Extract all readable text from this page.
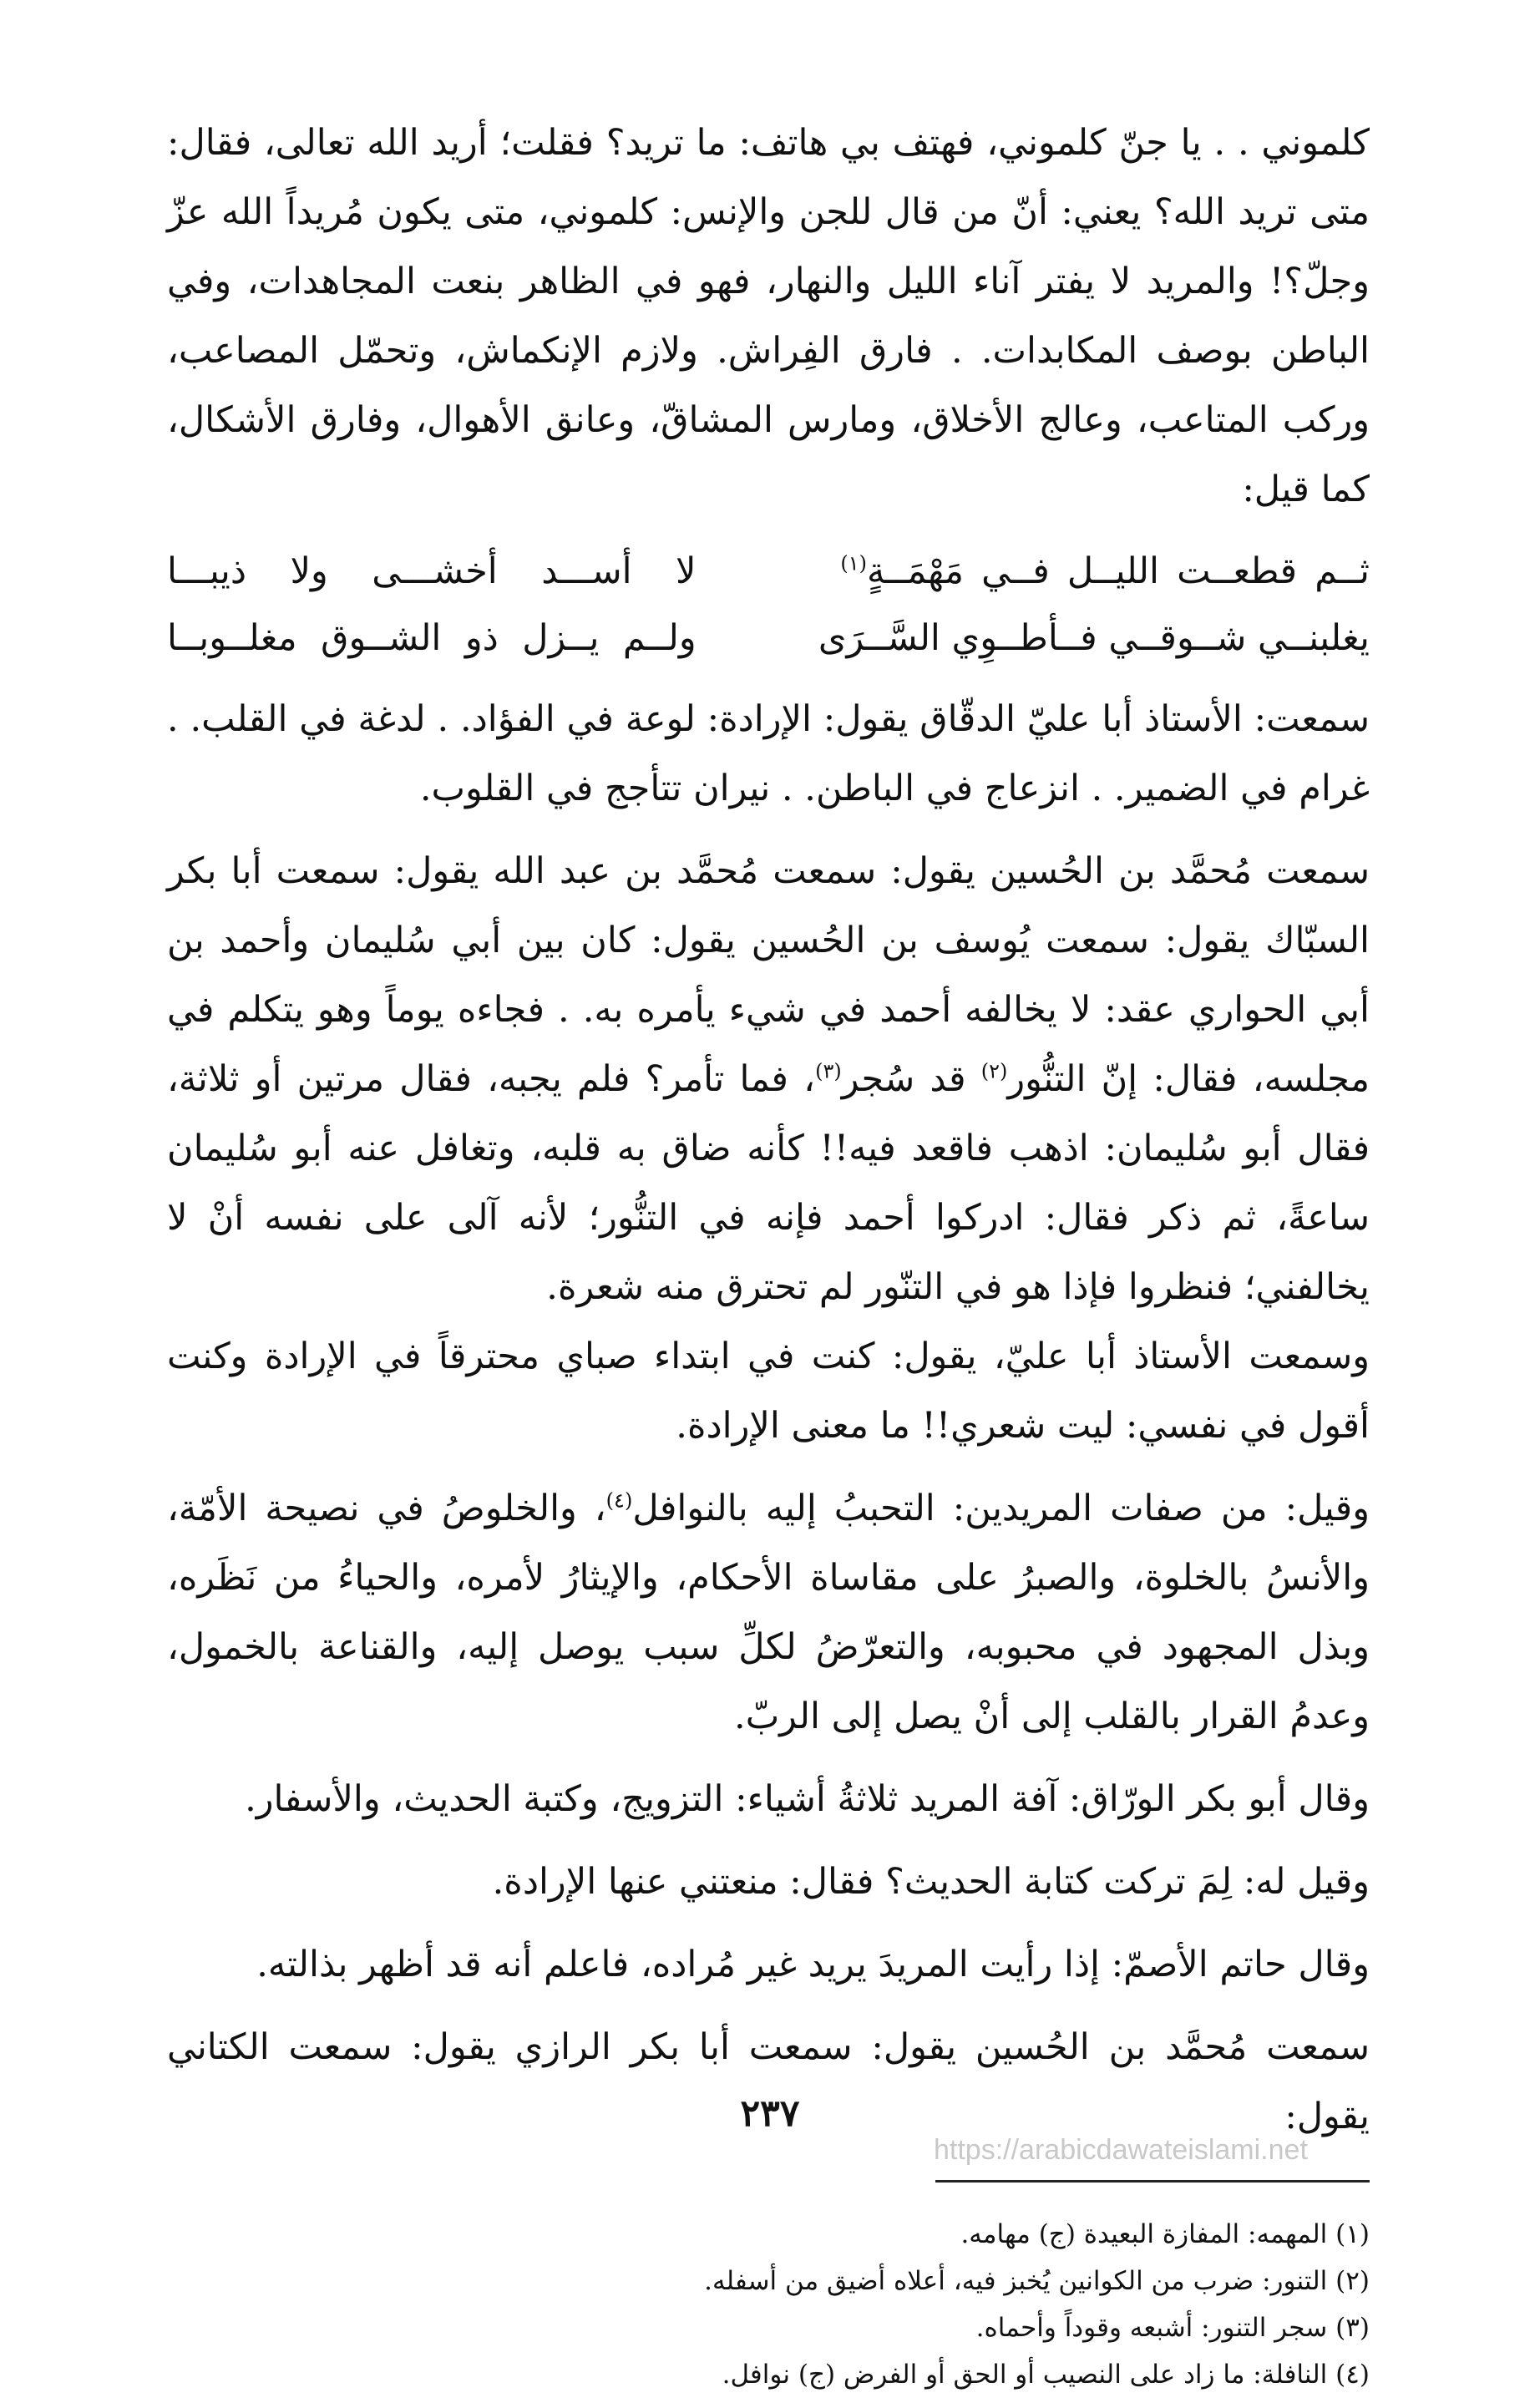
كلموني . . يا جنّ كلموني، فهتف بي هاتف: ما تريد؟ فقلت؛ أريد الله تعالى، فقال: متى تريد الله؟ يعني: أنّ من قال للجن والإنس: كلموني، متى يكون مُريداً الله عزّ وجلّ؟! والمريد لا يفتر آناء الليل والنهار، فهو في الظاهر بنعت المجاهدات، وفي الباطن بوصف المكابدات. . فارق الفِراش. ولازم الإنكماش، وتحمّل المصاعب، وركب المتاعب، وعالج الأخلاق، ومارس المشاقّ، وعانق الأهوال، وفارق الأشكال، كما قيل:

ثــم قطعــت الليــل فــي مَهْمَــةٍ$^{(١)}$
لا أســـد أخشـــى ولا ذيبـــا
يغلبنــي شــوقــي فــأطــوِي السَّــرَى
ولــم يــزل ذو الشــوق مغلــوبــا

سمعت: الأستاذ أبا عليّ الدقّاق يقول: الإرادة: لوعة في الفؤاد. . لدغة في القلب. . غرام في الضمير. . انزعاج في الباطن. . نيران تتأجج في القلوب.

سمعت مُحمَّد بن الحُسين يقول: سمعت مُحمَّد بن عبد الله يقول: سمعت أبا بكر السبّاك يقول: سمعت يُوسف بن الحُسين يقول: كان بين أبي سُليمان وأحمد بن أبي الحواري عقد: لا يخالفه أحمد في شيء يأمره به. . فجاءه يوماً وهو يتكلم في مجلسه، فقال: إنّ التنُّور$^{(٢)}$ قد سُجر$^{(٣)}$، فما تأمر؟ فلم يجبه، فقال مرتين أو ثلاثة، فقال أبو سُليمان: اذهب فاقعد فيه!! كأنه ضاق به قلبه، وتغافل عنه أبو سُليمان ساعةً، ثم ذكر فقال: ادركوا أحمد فإنه في التنُّور؛ لأنه آلى على نفسه أنْ لا يخالفني؛ فنظروا فإذا هو في التنّور لم تحترق منه شعرة.

وسمعت الأستاذ أبا عليّ، يقول: كنت في ابتداء صباي محترقاً في الإرادة وكنت أقول في نفسي: ليت شعري!! ما معنى الإرادة.

وقيل: من صفات المريدين: التحببُ إليه بالنوافل$^{(٤)}$، والخلوصُ في نصيحة الأمّة، والأنسُ بالخلوة، والصبرُ على مقاساة الأحكام، والإيثارُ لأمره، والحياءُ من نَظَره، وبذل المجهود في محبوبه، والتعرّضُ لكلِّ سبب يوصل إليه، والقناعة بالخمول، وعدمُ القرار بالقلب إلى أنْ يصل إلى الربّ.

وقال أبو بكر الورّاق: آفة المريد ثلاثةُ أشياء: التزويج، وكتبة الحديث، والأسفار.

وقيل له: لِمَ تركت كتابة الحديث؟ فقال: منعتني عنها الإرادة.

وقال حاتم الأصمّ: إذا رأيت المريدَ يريد غير مُراده، فاعلم أنه قد أظهر بذالته.

سمعت مُحمَّد بن الحُسين يقول: سمعت أبا بكر الرازي يقول: سمعت الكتاني يقول:

(١) المهمه: المفازة البعيدة (ج) مهامه.

(٢) التنور: ضرب من الكوانين يُخبز فيه، أعلاه أضيق من أسفله.

(٣) سجر التنور: أشبعه وقوداً وأحماه.

(٤) النافلة: ما زاد على النصيب أو الحق أو الفرض (ج) نوافل.

٢٣٧
https://arabicdawateislami.net
